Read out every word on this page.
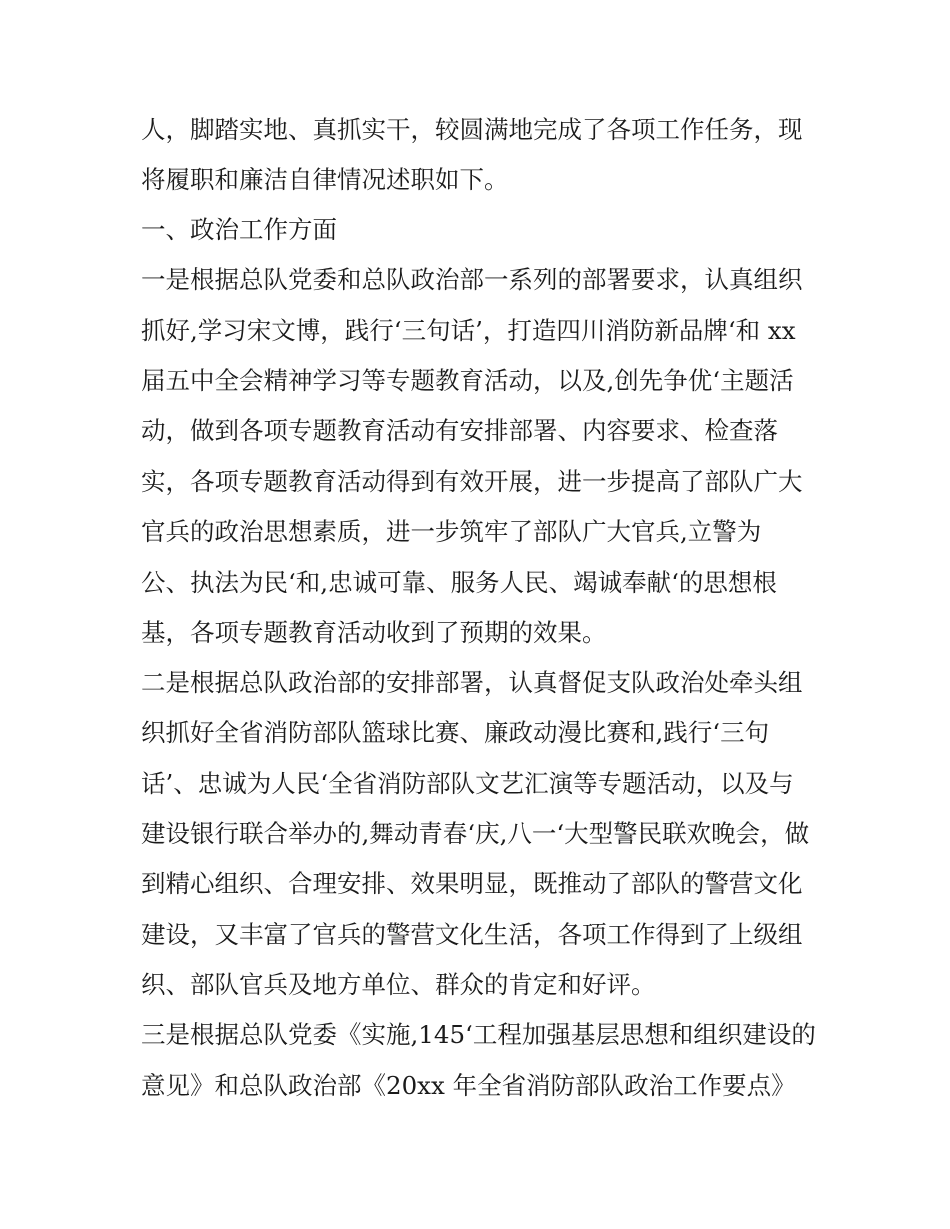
人，脚踏实地、真抓实干，较圆满地完成了各项工作任务，现
将履职和廉洁自律情况述职如下。
一、政治工作方面
一是根据总队党委和总队政治部一系列的部署要求，认真组织
抓好,学习宋文博，践行‘三句话’，打造四川消防新品牌‘和 xx
届五中全会精神学习等专题教育活动，以及,创先争优‘主题活
动，做到各项专题教育活动有安排部署、内容要求、检查落
实，各项专题教育活动得到有效开展，进一步提高了部队广大
官兵的政治思想素质，进一步筑牢了部队广大官兵,立警为
公、执法为民‘和,忠诚可靠、服务人民、竭诚奉献‘的思想根
基，各项专题教育活动收到了预期的效果。
二是根据总队政治部的安排部署，认真督促支队政治处牵头组
织抓好全省消防部队篮球比赛、廉政动漫比赛和,践行‘三句
话’、忠诚为人民‘全省消防部队文艺汇演等专题活动，以及与
建设银行联合举办的,舞动青春‘庆,八一‘大型警民联欢晚会，做
到精心组织、合理安排、效果明显，既推动了部队的警营文化
建设，又丰富了官兵的警营文化生活，各项工作得到了上级组
织、部队官兵及地方单位、群众的肯定和好评。
三是根据总队党委《实施,145‘工程加强基层思想和组织建设的
意见》和总队政治部《20xx 年全省消防部队政治工作要点》
